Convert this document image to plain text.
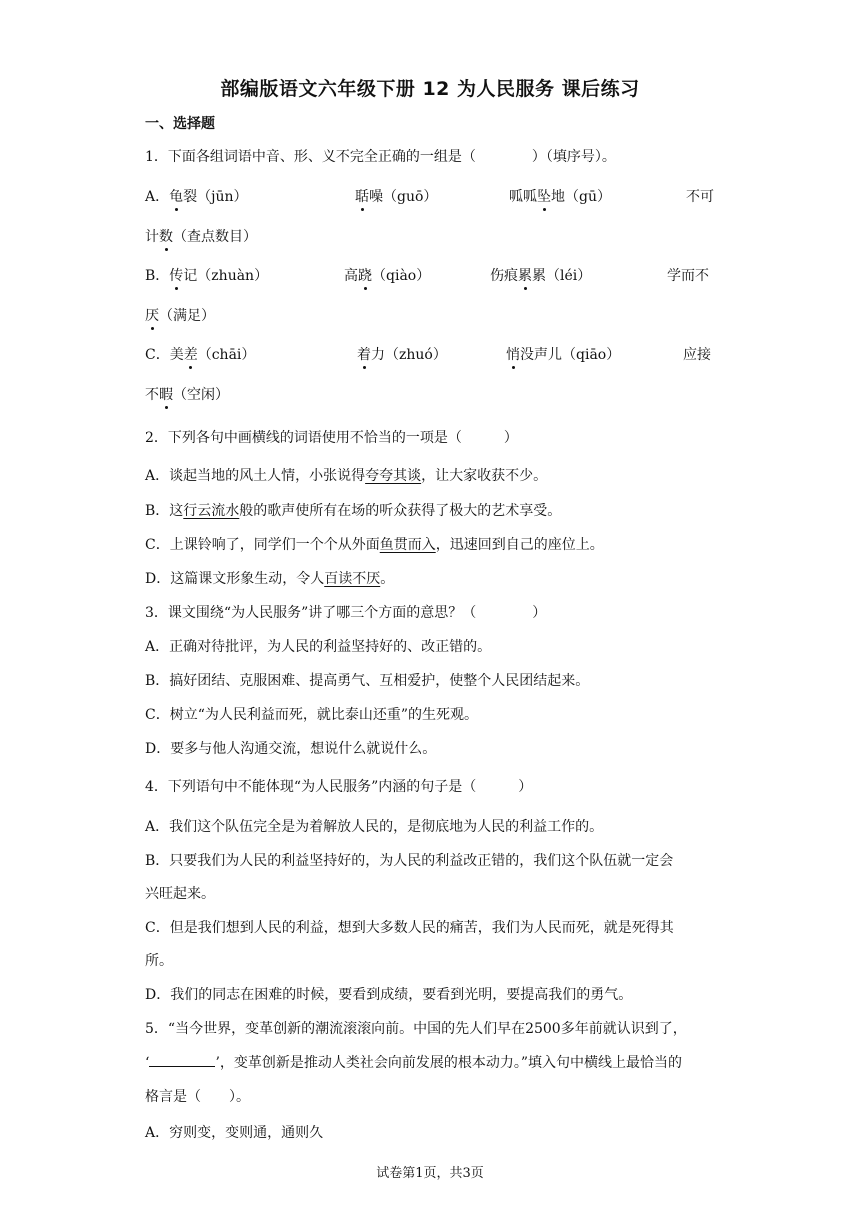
部编版语文六年级下册 12 为人民服务 课后练习
一、选择题
1．下面各组词语中音、形、义不完全正确的一组是（　　　　）（填序号）。
A．龟裂（jūn）	聒噪（guō）	呱呱坠地（gū）	不可
计数（查点数目）
B．传记（zhuàn）	高跷（qiào）	伤痕累累（léi）	学而不
厌（满足）
C．美差（chāi）	着力（zhuó）	悄没声儿（qiāo）	应接
不暇（空闲）
2．下列各句中画横线的词语使用不恰当的一项是（　　　）
A．谈起当地的风土人情，小张说得夸夸其谈，让大家收获不少。
B．这行云流水般的歌声使所有在场的听众获得了极大的艺术享受。
C．上课铃响了，同学们一个个从外面鱼贯而入，迅速回到自己的座位上。
D．这篇课文形象生动，令人百读不厌。
3．课文围绕“为人民服务”讲了哪三个方面的意思？（　　　　）
A．正确对待批评，为人民的利益坚持好的、改正错的。
B．搞好团结、克服困难、提高勇气、互相爱护，使整个人民团结起来。
C．树立“为人民利益而死，就比泰山还重”的生死观。
D．要多与他人沟通交流，想说什么就说什么。
4．下列语句中不能体现“为人民服务”内涵的句子是（　　　）
A．我们这个队伍完全是为着解放人民的，是彻底地为人民的利益工作的。
B．只要我们为人民的利益坚持好的，为人民的利益改正错的，我们这个队伍就一定会
兴旺起来。
C．但是我们想到人民的利益，想到大多数人民的痛苦，我们为人民而死，就是死得其
所。
D．我们的同志在困难的时候，要看到成绩，要看到光明，要提高我们的勇气。
5．“当今世界，变革创新的潮流滚滚向前。中国的先人们早在2500多年前就认识到了，
‘	’，变革创新是推动人类社会向前发展的根本动力。”填入句中横线上最恰当的
格言是（　　）。
A．穷则变，变则通，通则久
试卷第1页，共3页
